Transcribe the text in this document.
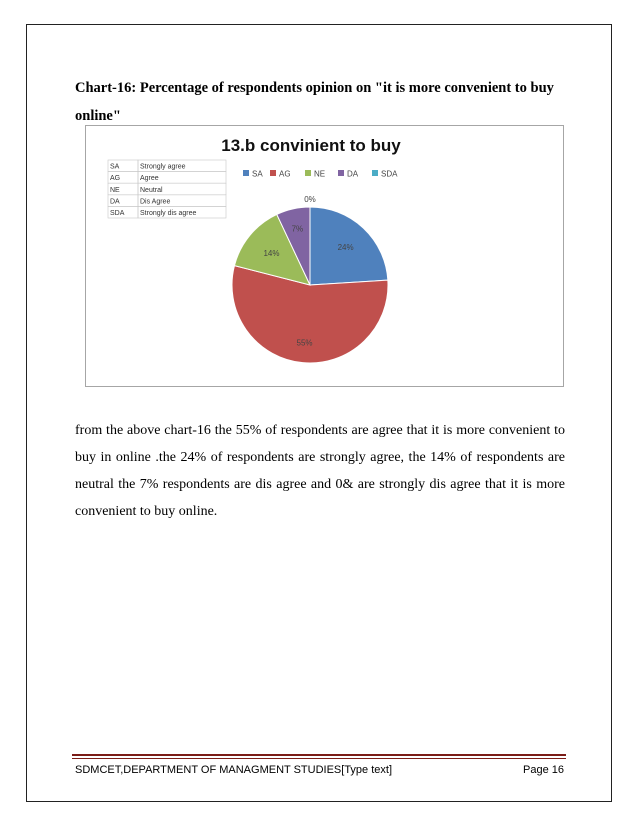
Chart-16: Percentage of respondents opinion on "it is more convenient to buy online"
13.b convinient to buy
SA AG	NE	DA	SDA
SA	Strongly agree
AG	Agree
NE	Neutral
DA	Dis Agree
SDA Strongly dis agree
24%
55%
14%
7%
0%
from the above chart-16 the 55% of respondents are agree that it is more convenient to buy in online .the 24% of respondents are strongly agree, the 14% of respondents are neutral the 7% respondents are dis agree and 0& are strongly dis agree that it is more convenient to buy online.
SDMCET,DEPARTMENT OF MANAGMENT STUDIES[Type text]	Page 16
